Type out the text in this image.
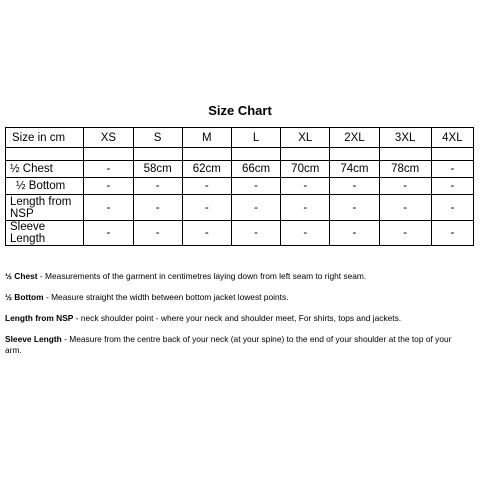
Size Chart
Size in cm	XS	S	M	L	XL	2XL	3XL	4XL

½ Chest	-	58cm	62cm	66cm	70cm	74cm	78cm	-
½ Bottom	-	-	-	-	-	-	-	-
Length from NSP	-	-	-	-	-	-	-	-
Sleeve Length	-	-	-	-	-	-	-	-

½ Chest - Measurements of the garment in centimetres laying down from left seam to right seam.

½ Bottom - Measure straight the width between bottom jacket lowest points.

Length from NSP - neck shoulder point - where your neck and shoulder meet, For shirts, tops and jackets.

Sleeve Length - Measure from the centre back of your neck (at your spine) to the end of your shoulder at the top of your arm.
